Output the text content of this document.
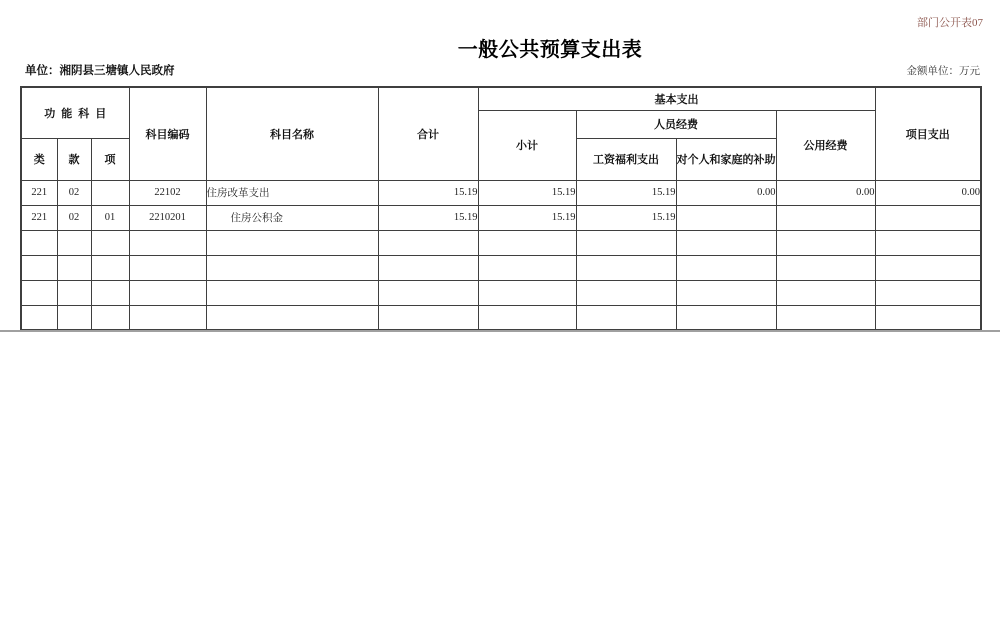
部门公开表07
一般公共预算支出表
单位：湘阴县三塘镇人民政府	金额单位：万元
功能科目			科目编码	科目名称	合计	基本支出				项目支出
						小计	人员经费		公用经费	
类	款	项					工资福利支出	对个人和家庭的补助		
221	02		22102	住房改革支出	15.19	15.19	15.19	0.00	0.00	0.00
221	02	01	2210201	住房公积金	15.19	15.19	15.19			
